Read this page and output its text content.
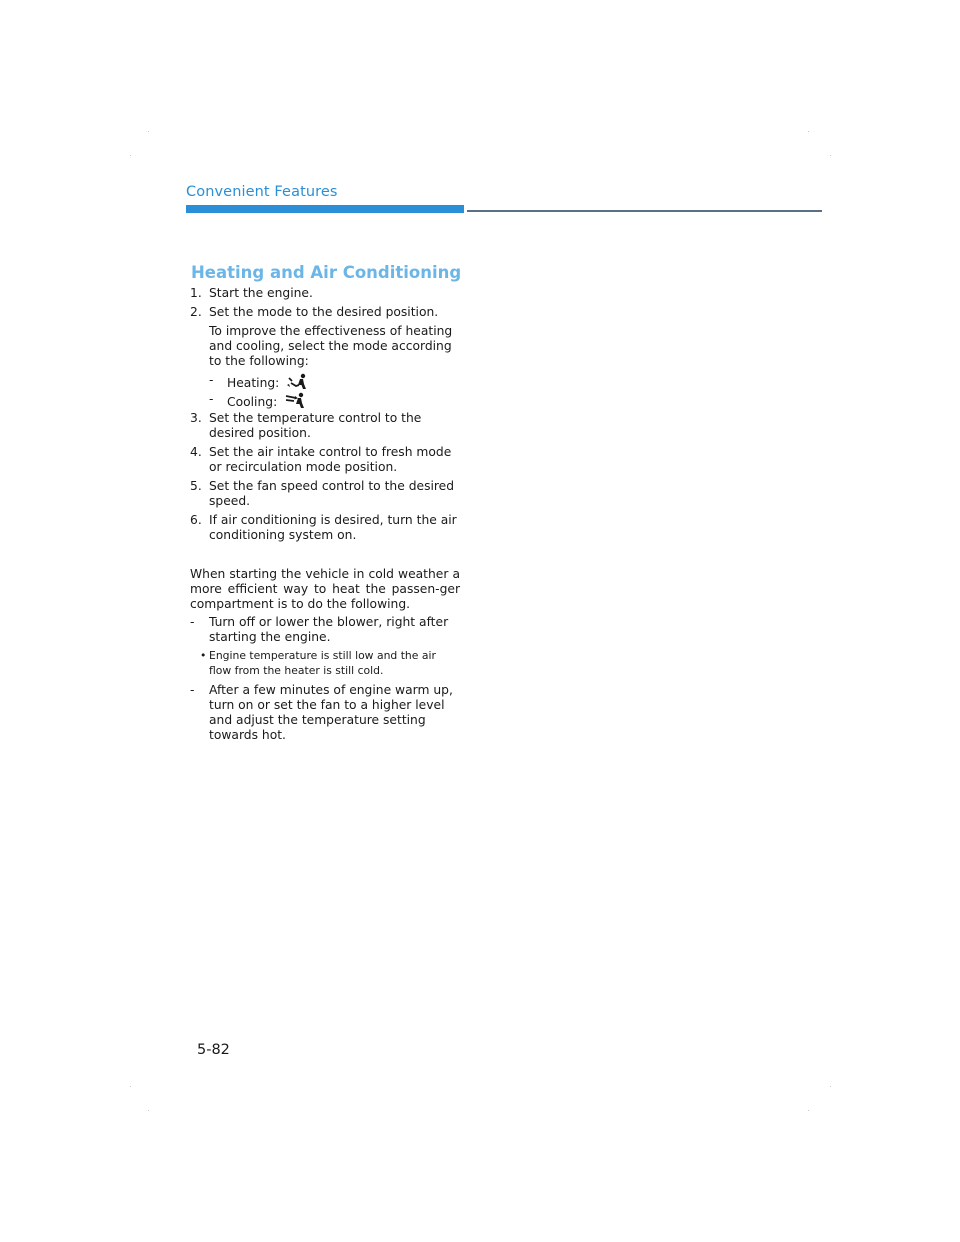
Convenient Features
Heating and Air Conditioning
1. Start the engine.
2. Set the mode to the desired position.
To improve the effectiveness of heating and cooling, select the mode according to the following:
- Heating:
- Cooling:
3. Set the temperature control to the desired position.
4. Set the air intake control to fresh mode or recirculation mode position.
5. Set the fan speed control to the desired speed.
6. If air conditioning is desired, turn the air conditioning system on.
When starting the vehicle in cold weather a more efficient way to heat the passen-ger compartment is to do the following.
- Turn off or lower the blower, right after starting the engine.
• Engine temperature is still low and the air flow from the heater is still cold.
- After a few minutes of engine warm up, turn on or set the fan to a higher level and adjust the temperature setting towards hot.
5-82
